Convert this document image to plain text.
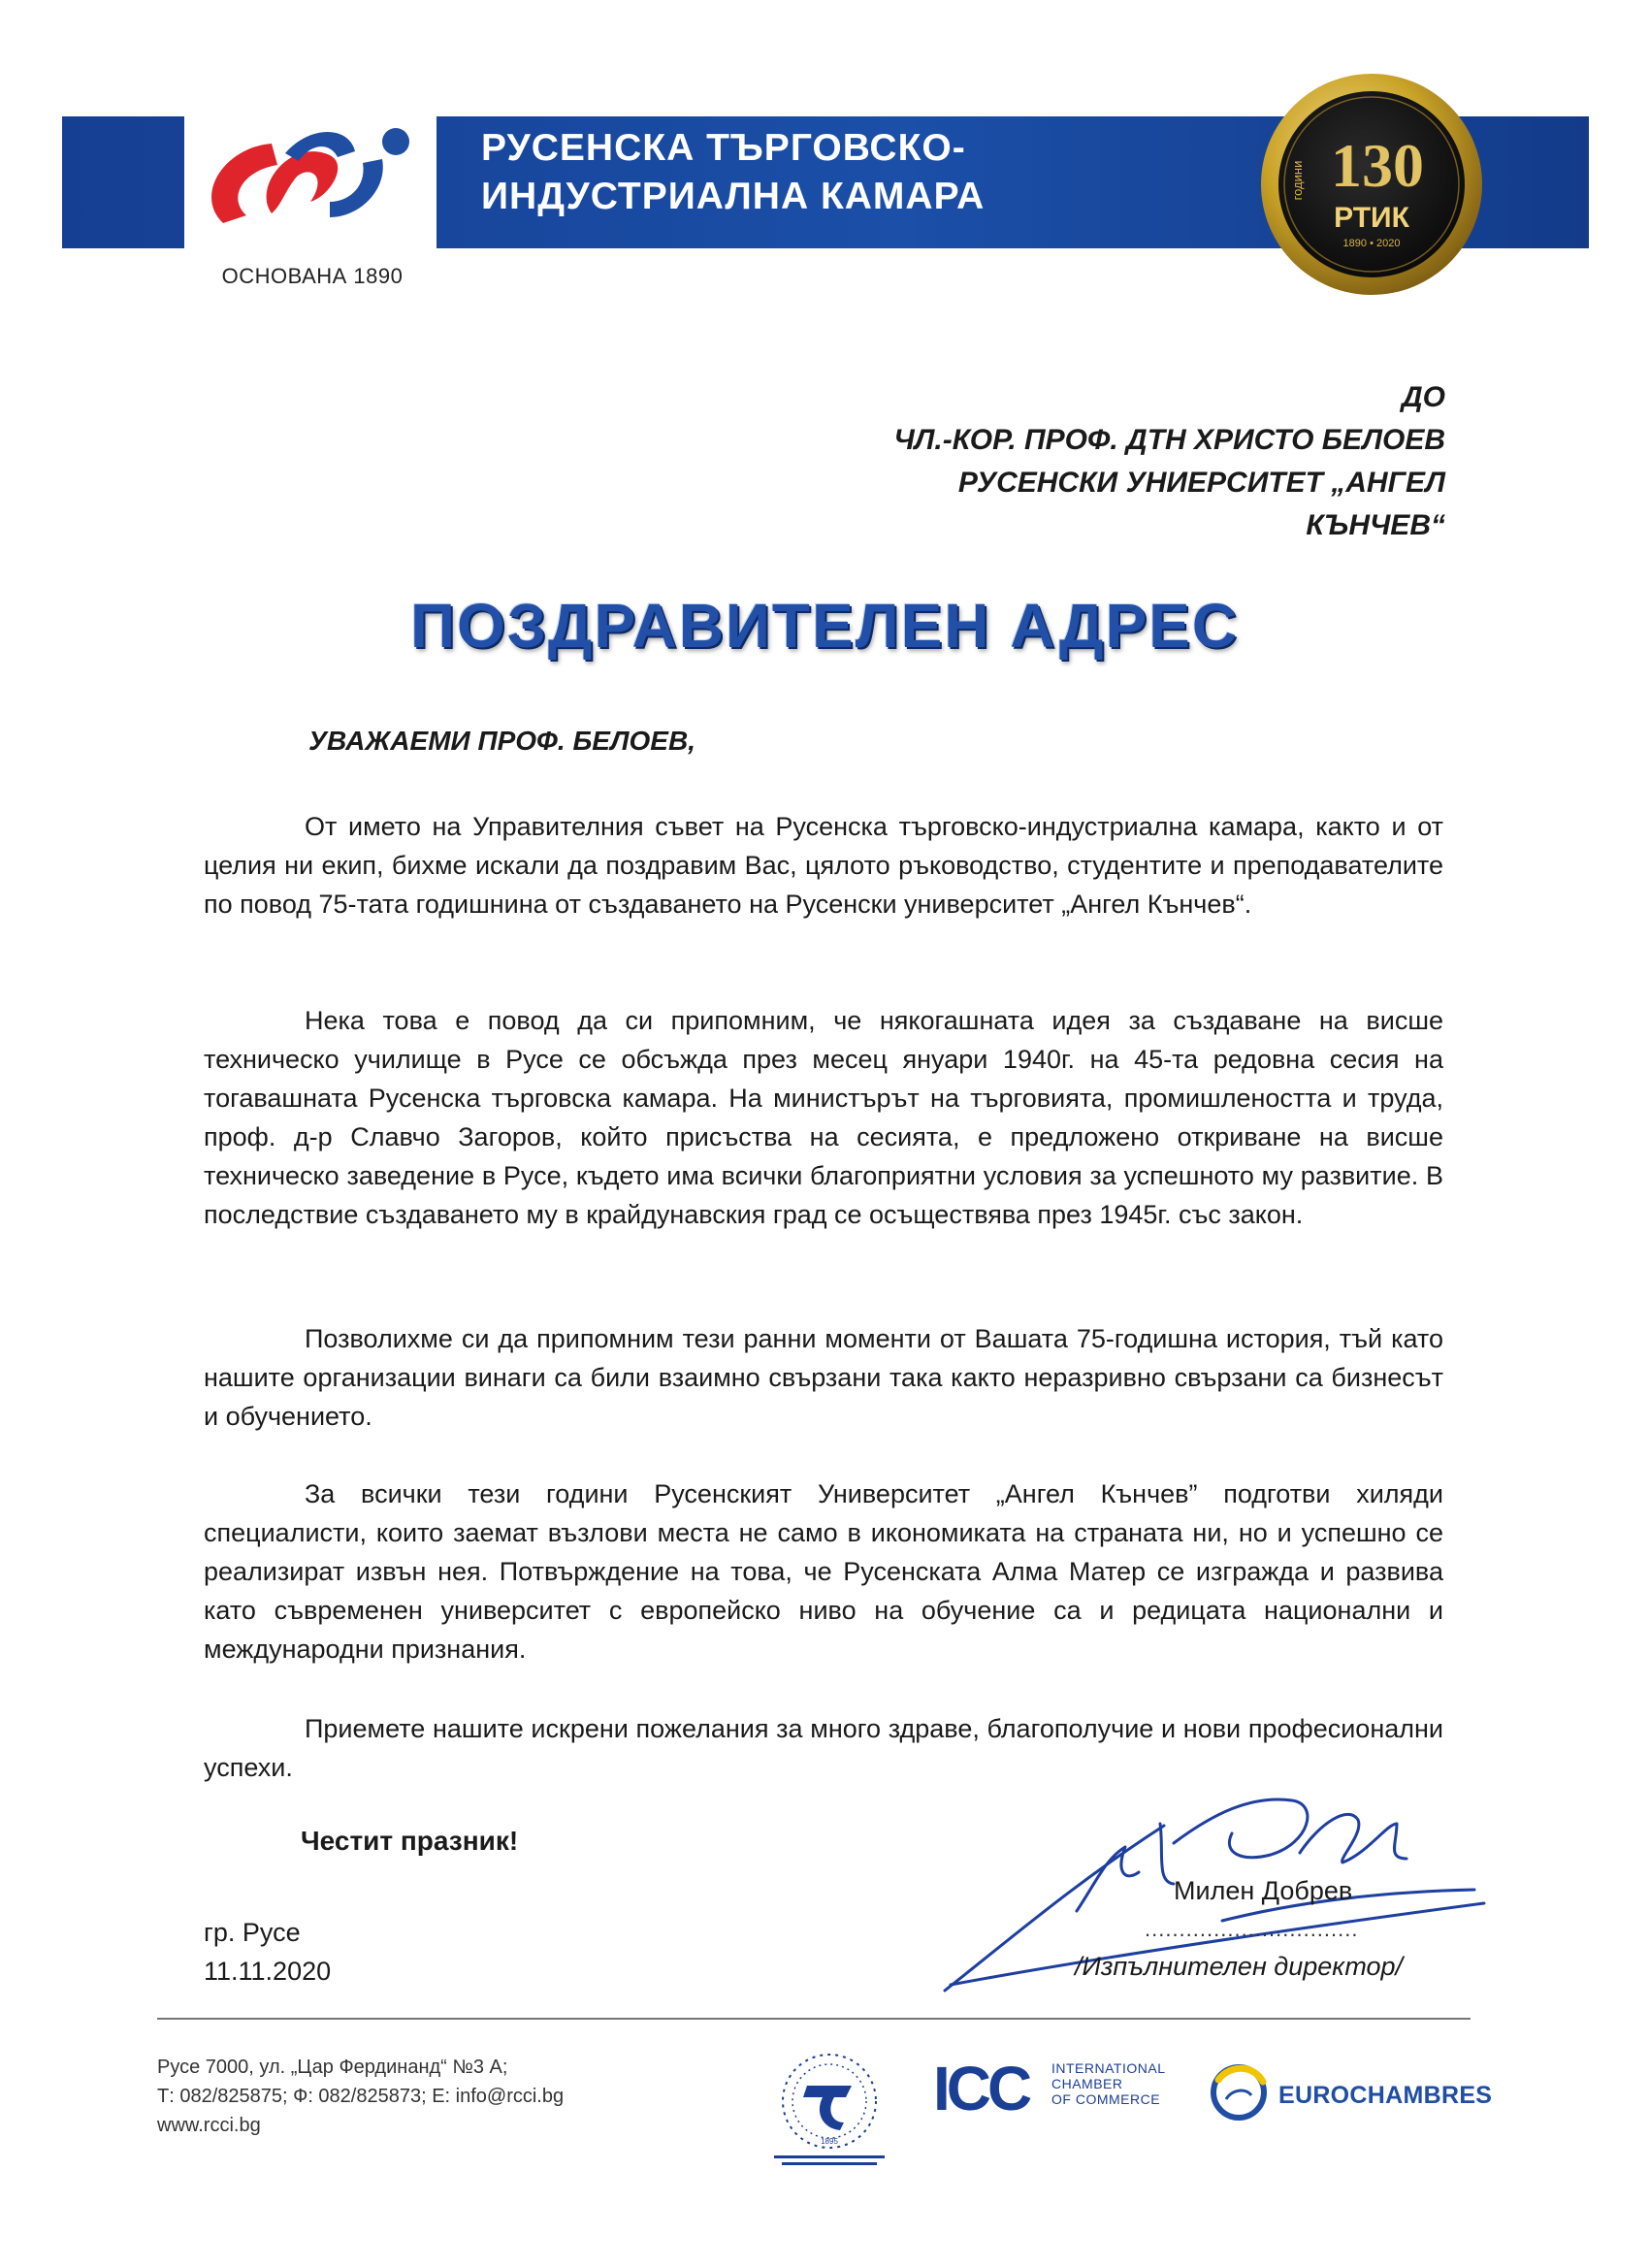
ОСНОВАНА 1890
РУСЕНСКА ТЪРГОВСКО-
ИНДУСТРИАЛНА КАМАРА	години 130
РТИК
1890 • 2020
ДО
ЧЛ.-КОР. ПРОФ. ДТН ХРИСТО БЕЛОЕВ
РУСЕНСКИ УНИЕРСИТЕТ „АНГЕЛ
КЪНЧЕВ“
ПОЗДРАВИТЕЛЕН АДРЕС
УВАЖАЕМИ ПРОФ. БЕЛОЕВ,
От името на Управителния съвет на Русенска търговско-индустриална камара, както и от целия ни екип, бихме искали да поздравим Вас, цялото ръководство, студентите и преподавателите по повод 75-тата годишнина от създаването на Русенски университет „Ангел Кънчев“.
Нека това е повод да си припомним, че някогашната идея за създаване на висше техническо училище в Русе се обсъжда през месец януари 1940г. на 45-та редовна сесия на тогавашната Русенска търговска камара. На министърът на търговията, промишлеността и труда, проф. д-р Славчо Загоров, който присъства на сесията, е предложено откриване на висше техническо заведение в Русе, където има всички благоприятни условия за успешното му развитие. В последствие създаването му в крайдунавския град се осъществява през 1945г. със закон.
Позволихме си да припомним тези ранни моменти от Вашата 75-годишна история, тъй като нашите организации винаги са били взаимно свързани така както неразривно свързани са бизнесът и обучението.
За всички тези години Русенският Университет „Ангел Кънчев” подготви хиляди специалисти, които заемат възлови места не само в икономиката на страната ни, но и успешно се реализират извън нея. Потвърждение на това, че Русенската Алма Матер се изгражда и развива като съвременен университет с европейско ниво на обучение са и редицата национални и международни признания.
Приемете нашите искрени пожелания за много здраве, благополучие и нови професионални успехи.
Честит празник!
гр. Русе
11.11.2020
Милен Добрев
...............................
/Изпълнителен директор/
Русе 7000, ул. „Цар Фердинанд“ №3 А;
Т: 082/825875; Ф: 082/825873; E: info@rcci.bg
www.rcci.bg
1895
ICC INTERNATIONAL
CHAMBER
OF COMMERCE	EUROCHAMBRES
